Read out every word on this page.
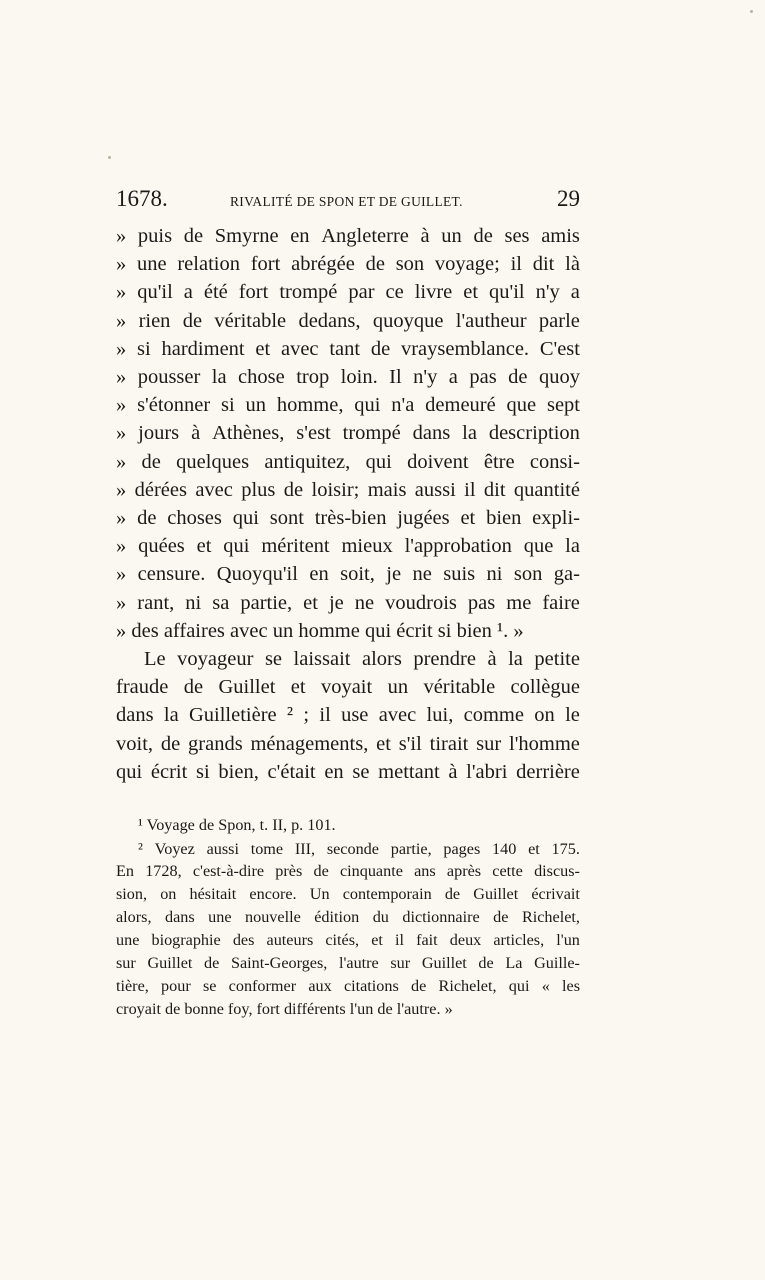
1678.	RIVALITÉ DE SPON ET DE GUILLET.	29
» puis de Smyrne en Angleterre à un de ses amis
» une relation fort abrégée de son voyage; il dit là
» qu'il a été fort trompé par ce livre et qu'il n'y a
» rien de véritable dedans, quoyque l'autheur parle
» si hardiment et avec tant de vraysemblance. C'est
» pousser la chose trop loin. Il n'y a pas de quoy
» s'étonner si un homme, qui n'a demeuré que sept
» jours à Athènes, s'est trompé dans la description
» de quelques antiquitez, qui doivent être consi-
» dérées avec plus de loisir; mais aussi il dit quantité
» de choses qui sont très-bien jugées et bien expli-
» quées et qui méritent mieux l'approbation que la
» censure. Quoyqu'il en soit, je ne suis ni son ga-
» rant, ni sa partie, et je ne voudrois pas me faire
» des affaires avec un homme qui écrit si bien ¹. »
Le voyageur se laissait alors prendre à la petite
fraude de Guillet et voyait un véritable collègue
dans la Guilletière ² ; il use avec lui, comme on le
voit, de grands ménagements, et s'il tirait sur l'homme
qui écrit si bien, c'était en se mettant à l'abri derrière
¹ Voyage de Spon, t. II, p. 101.
² Voyez aussi tome III, seconde partie, pages 140 et 175.
En 1728, c'est-à-dire près de cinquante ans après cette discus-
sion, on hésitait encore. Un contemporain de Guillet écrivait
alors, dans une nouvelle édition du dictionnaire de Richelet,
une biographie des auteurs cités, et il fait deux articles, l'un
sur Guillet de Saint-Georges, l'autre sur Guillet de La Guille-
tière, pour se conformer aux citations de Richelet, qui « les
croyait de bonne foy, fort différents l'un de l'autre. »
